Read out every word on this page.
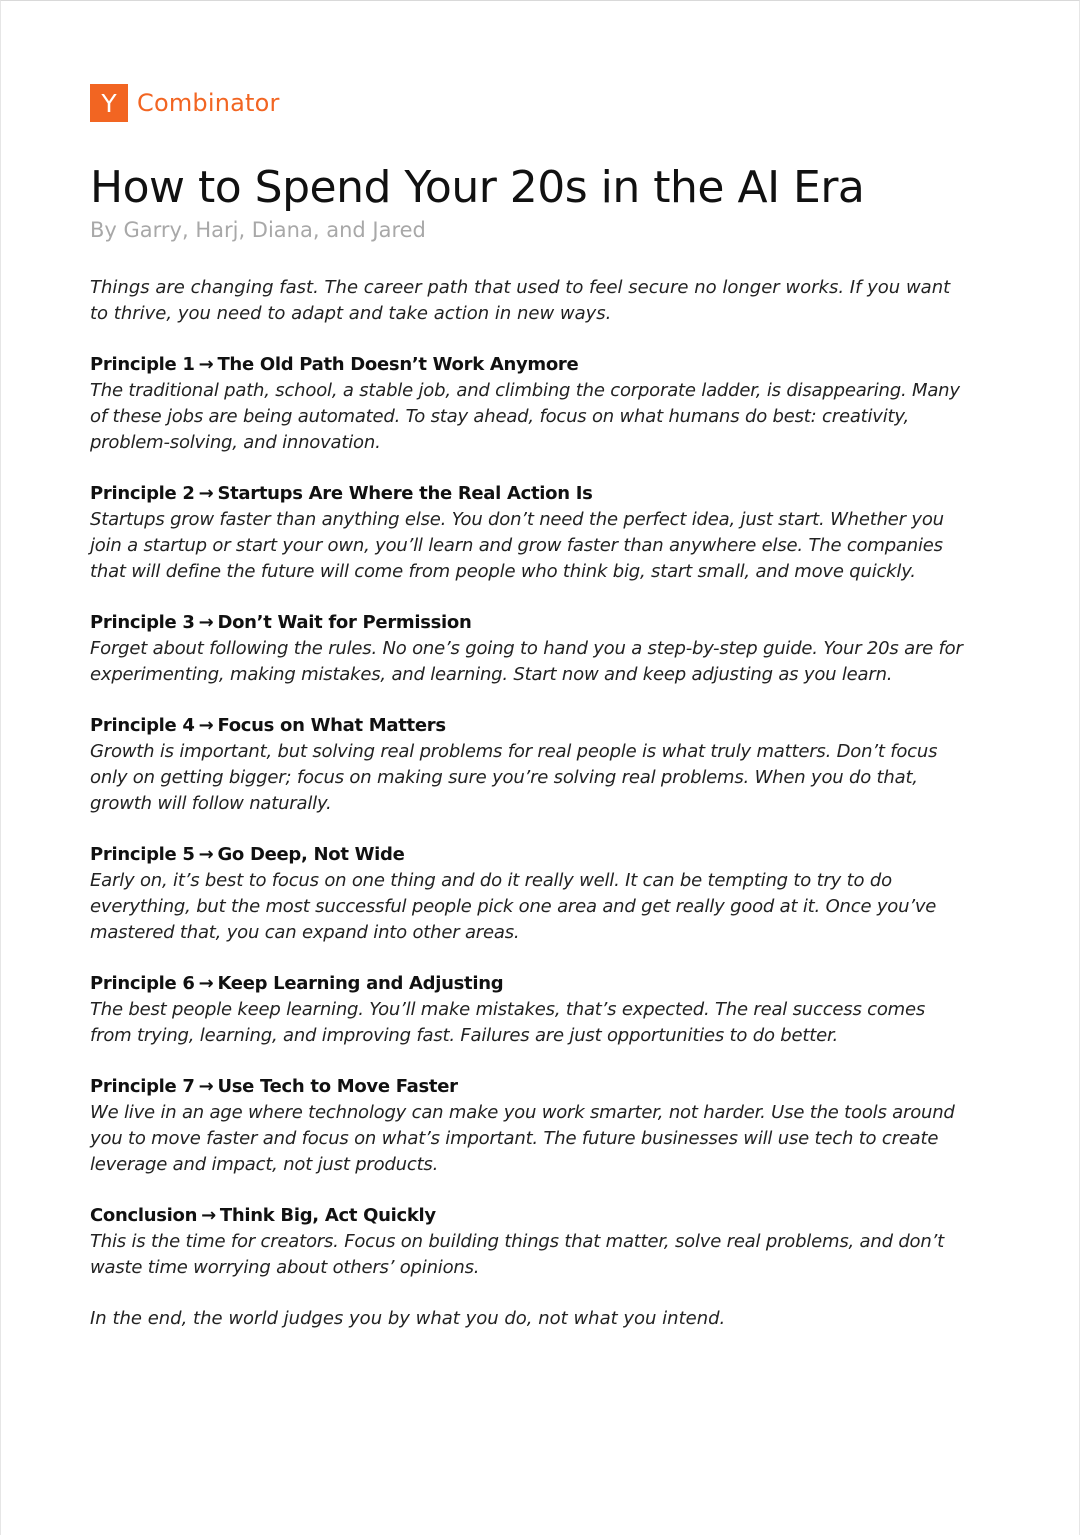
Y Combinator
How to Spend Your 20s in the AI Era
By Garry, Harj, Diana, and Jared

Things are changing fast. The career path that used to feel secure no longer works. If you want to thrive, you need to adapt and take action in new ways.

Principle 1 → The Old Path Doesn’t Work Anymore

The traditional path, school, a stable job, and climbing the corporate ladder, is disappearing. Many of these jobs are being automated. To stay ahead, focus on what humans do best: creativity, problem-solving, and innovation.

Principle 2 → Startups Are Where the Real Action Is

Startups grow faster than anything else. You don’t need the perfect idea, just start. Whether you join a startup or start your own, you’ll learn and grow faster than anywhere else. The companies that will define the future will come from people who think big, start small, and move quickly.

Principle 3 → Don’t Wait for Permission

Forget about following the rules. No one’s going to hand you a step-by-step guide. Your 20s are for experimenting, making mistakes, and learning. Start now and keep adjusting as you learn.

Principle 4 → Focus on What Matters

Growth is important, but solving real problems for real people is what truly matters. Don’t focus only on getting bigger; focus on making sure you’re solving real problems. When you do that, growth will follow naturally.

Principle 5 → Go Deep, Not Wide

Early on, it’s best to focus on one thing and do it really well. It can be tempting to try to do everything, but the most successful people pick one area and get really good at it. Once you’ve mastered that, you can expand into other areas.

Principle 6 → Keep Learning and Adjusting

The best people keep learning. You’ll make mistakes, that’s expected. The real success comes from trying, learning, and improving fast. Failures are just opportunities to do better.

Principle 7 → Use Tech to Move Faster

We live in an age where technology can make you work smarter, not harder. Use the tools around you to move faster and focus on what’s important. The future businesses will use tech to create leverage and impact, not just products.

Conclusion → Think Big, Act Quickly

This is the time for creators. Focus on building things that matter, solve real problems, and don’t waste time worrying about others’ opinions.

In the end, the world judges you by what you do, not what you intend.
